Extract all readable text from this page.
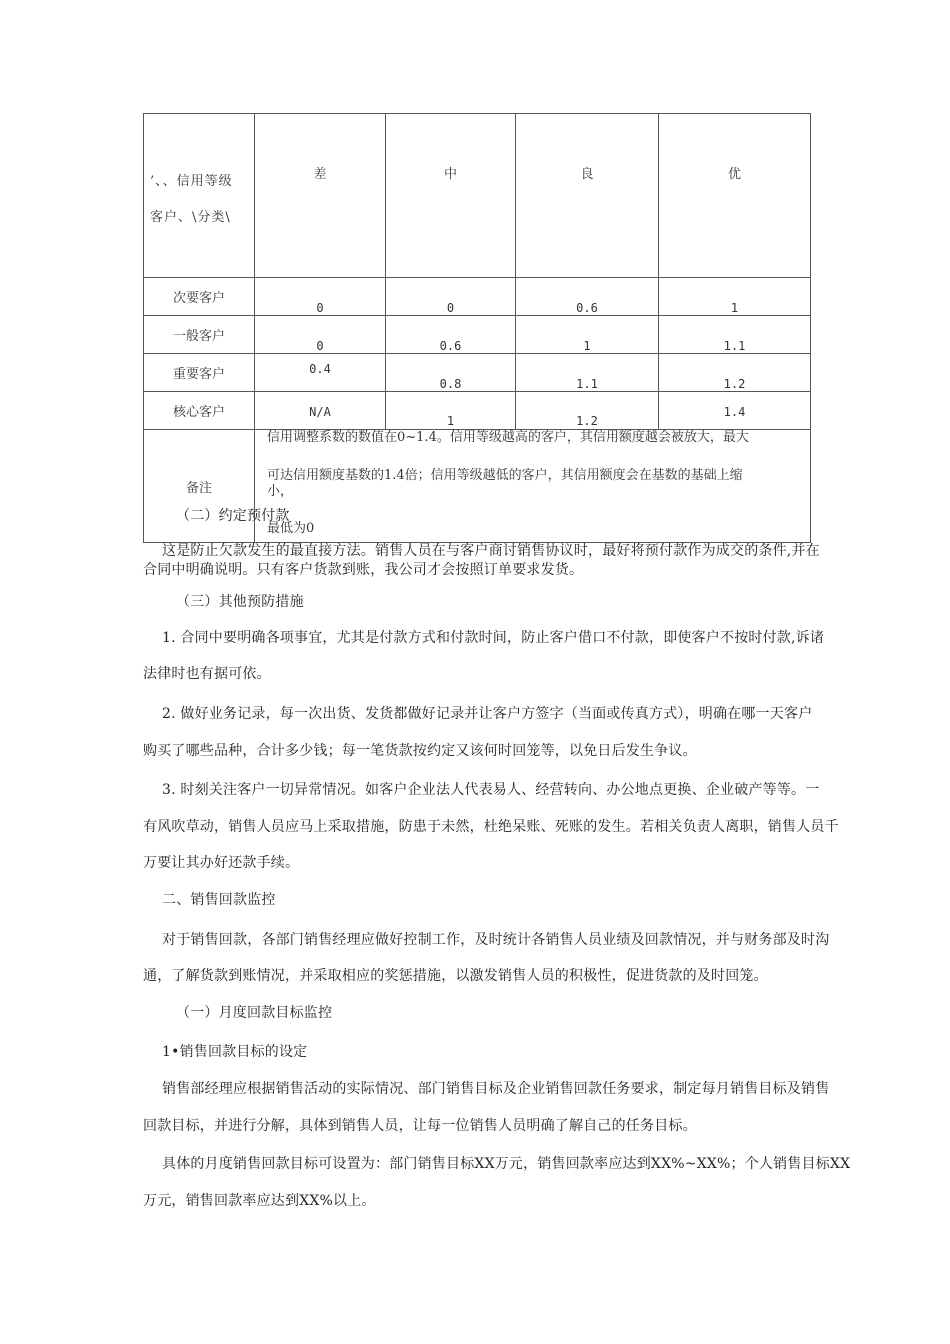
’、、信用等级
客户、\分类\	差	中	良	优
次要客户	0	0	0.6	1

一般客户	0	0.6	1	1.1

重要客户	0.4	0.8	1.1	1.2

核心客户	N/A	1	1.2	1.4

备注	信用调整系数的数值在0~1.4。信用等级越高的客户，其信用额度越会被放大，最大
可达信用额度基数的1.4倍；信用等级越低的客户，其信用额度会在基数的基础上缩
小，
最低为0			
（二）约定预付款
这是防止欠款发生的最直接方法。销售人员在与客户商讨销售协议时，最好将预付款作为成交的条件,并在
合同中明确说明。只有客户货款到账，我公司才会按照订单要求发货。
（三）其他预防措施
1. 合同中要明确各项事宜，尤其是付款方式和付款时间，防止客户借口不付款，即使客户不按时付款,诉诸
法律时也有据可依。
2. 做好业务记录，每一次出货、发货都做好记录并让客户方签字（当面或传真方式），明确在哪一天客户
购买了哪些品种，合计多少钱；每一笔货款按约定又该何时回笼等，以免日后发生争议。
3. 时刻关注客户一切异常情况。如客户企业法人代表易人、经营转向、办公地点更换、企业破产等等。一
有风吹草动，销售人员应马上采取措施，防患于未然，杜绝呆账、死账的发生。若相关负责人离职，销售人员千
万要让其办好还款手续。
二、销售回款监控
对于销售回款，各部门销售经理应做好控制工作，及时统计各销售人员业绩及回款情况，并与财务部及时沟
通，了解货款到账情况，并采取相应的奖惩措施，以激发销售人员的积极性，促进货款的及时回笼。
（一）月度回款目标监控
1•销售回款目标的设定
销售部经理应根据销售活动的实际情况、部门销售目标及企业销售回款任务要求，制定每月销售目标及销售
回款目标，并进行分解，具体到销售人员，让每一位销售人员明确了解自己的任务目标。
具体的月度销售回款目标可设置为：部门销售目标XX万元，销售回款率应达到XX%~XX%；个人销售目标XX
万元，销售回款率应达到XX%以上。
